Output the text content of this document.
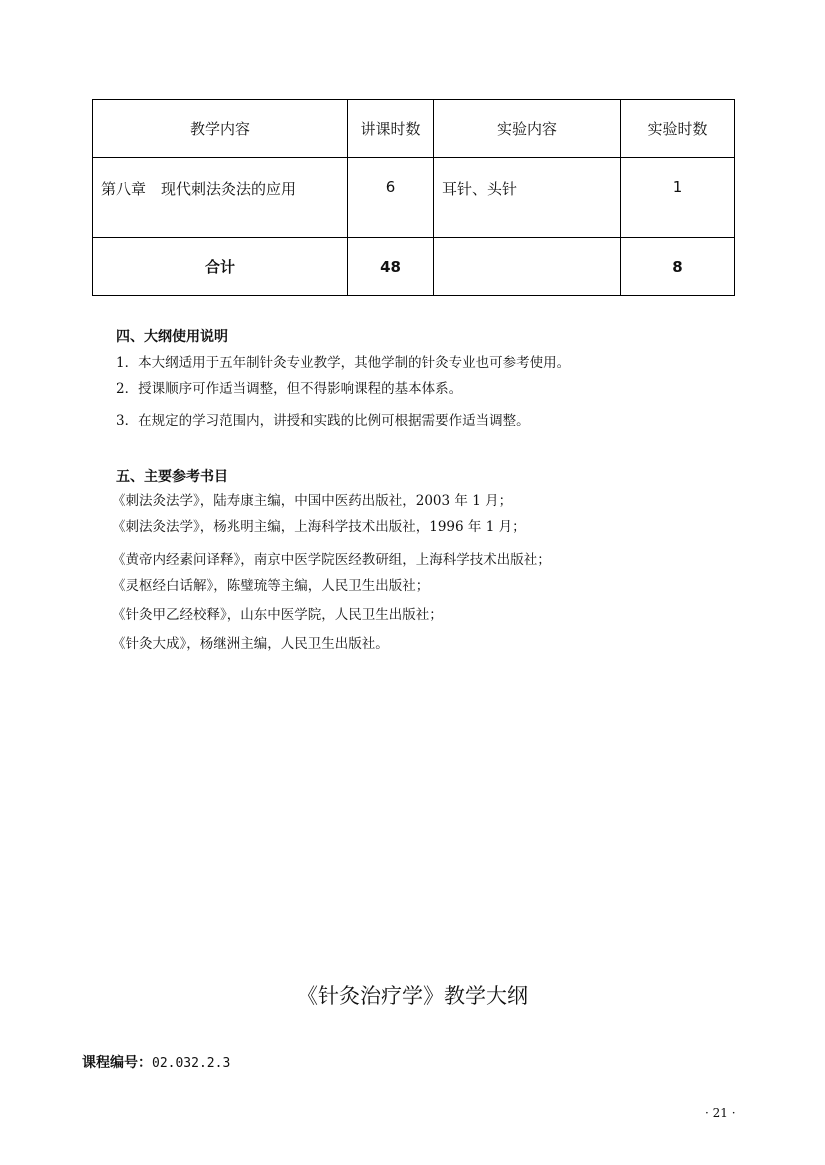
教学内容	讲课时数	实验内容	实验时数
第八章　现代刺法灸法的应用	6	耳针、头针	1
合计	48		8
四、大纲使用说明
1．本大纲适用于五年制针灸专业教学，其他学制的针灸专业也可参考使用。
2．授课顺序可作适当调整，但不得影响课程的基本体系。
3．在规定的学习范围内，讲授和实践的比例可根据需要作适当调整。
五、主要参考书目
《刺法灸法学》，陆寿康主编，中国中医药出版社，2003 年 1 月；
《刺法灸法学》，杨兆明主编，上海科学技术出版社，1996 年 1 月；
《黄帝内经素问译释》，南京中医学院医经教研组，上海科学技术出版社；
《灵枢经白话解》，陈璧琉等主编，人民卫生出版社；
《针灸甲乙经校释》，山东中医学院，人民卫生出版社；
《针灸大成》，杨继洲主编，人民卫生出版社。
《针灸治疗学》教学大纲
课程编号：02.032.2.3
· 21 ·
